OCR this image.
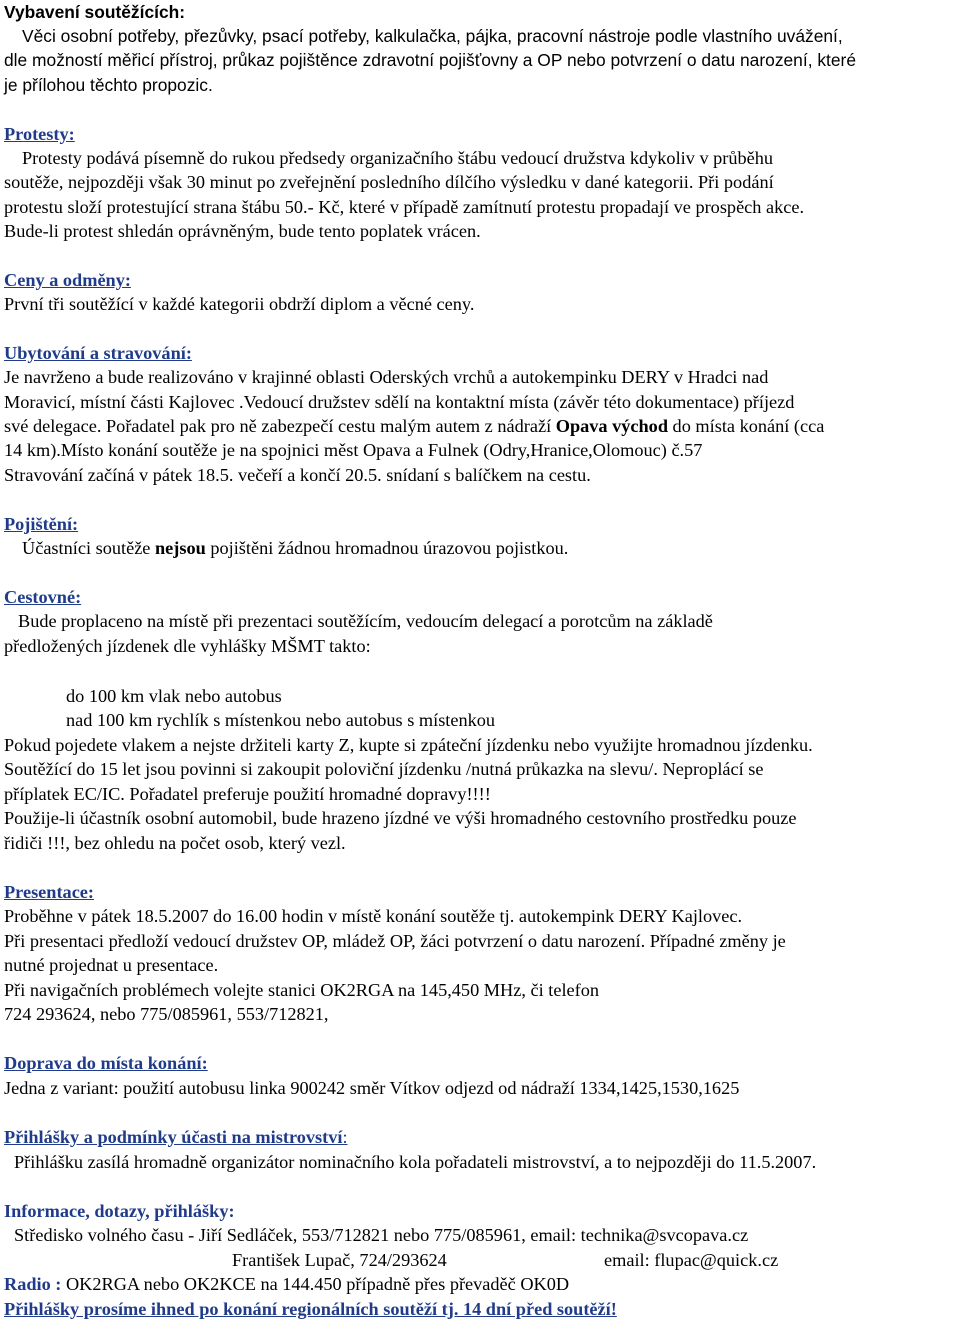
Vybavení soutěžících:
Věci osobní potřeby, přezůvky, psací potřeby, kalkulačka, pájka, pracovní nástroje podle vlastního uvážení,
dle možností měřicí přístroj, průkaz pojištěnce zdravotní pojišťovny a OP nebo potvrzení o datu narození, které
je přílohou těchto propozic.
Protesty:
Protesty podává písemně do rukou předsedy organizačního štábu vedoucí družstva kdykoliv v průběhu
soutěže, nejpozději však 30 minut po zveřejnění posledního dílčího výsledku v dané kategorii. Při podání
protestu složí protestující strana štábu 50.- Kč, které v případě zamítnutí protestu propadají ve prospěch akce.
Bude-li protest shledán oprávněným, bude tento poplatek vrácen.
Ceny a odměny:
První tři soutěžící v každé kategorii obdrží diplom a věcné ceny.
Ubytování a stravování:
Je navrženo a bude realizováno v krajinné oblasti Oderských vrchů a autokempinku DERY v Hradci nad
Moravicí, místní části Kajlovec .Vedoucí družstev sdělí na kontaktní místa (závěr této dokumentace) příjezd
své delegace. Pořadatel pak pro ně zabezpečí cestu malým autem z nádraží Opava východ do místa konání (cca
14 km).Místo konání soutěže je na spojnici měst Opava a Fulnek (Odry,Hranice,Olomouc) č.57
Stravování začíná v pátek 18.5. večeří a končí 20.5. snídaní s balíčkem na cestu.
Pojištění:
Účastníci soutěže nejsou pojištěni žádnou hromadnou úrazovou pojistkou.
Cestovné:
Bude proplaceno na místě při prezentaci soutěžícím, vedoucím delegací a porotcům na základě
předložených jízdenek dle vyhlášky MŠMT takto:
do 100 km vlak nebo autobus
nad 100 km rychlík s místenkou nebo autobus s místenkou
Pokud pojedete vlakem a nejste držiteli karty Z, kupte si zpáteční jízdenku nebo využijte hromadnou jízdenku.
Soutěžící do 15 let jsou povinni si zakoupit poloviční jízdenku /nutná průkazka na slevu/. Neproplácí se
příplatek EC/IC. Pořadatel preferuje použití hromadné dopravy!!!!
Použije-li účastník osobní automobil, bude hrazeno jízdné ve výši hromadného cestovního prostředku pouze
řidiči !!!, bez ohledu na počet osob, který vezl.
Presentace:
Proběhne v pátek 18.5.2007 do 16.00 hodin v místě konání soutěže tj. autokempink DERY Kajlovec.
Při presentaci předloží vedoucí družstev OP, mládež OP, žáci potvrzení o datu narození. Případné změny je
nutné projednat u presentace.
Při navigačních problémech volejte stanici OK2RGA na 145,450 MHz, či telefon
724 293624, nebo 775/085961, 553/712821,
Doprava do místa konání:
Jedna z variant: použití autobusu linka 900242 směr Vítkov odjezd od nádraží 1334,1425,1530,1625
Přihlášky a podmínky účasti na mistrovství:
Přihlášku zasílá hromadně organizátor nominačního kola pořadateli mistrovství, a to nejpozději do 11.5.2007.
Informace, dotazy, přihlášky:
Středisko volného času - Jiří Sedláček, 553/712821 nebo 775/085961, email: technika@svcopava.cz
František Lupač, 724/293624	email: flupac@quick.cz
Radio : OK2RGA nebo OK2KCE na 144.450 případně přes převaděč OK0D
Přihlášky prosíme ihned po konání regionálních soutěží tj. 14 dní před soutěží!
